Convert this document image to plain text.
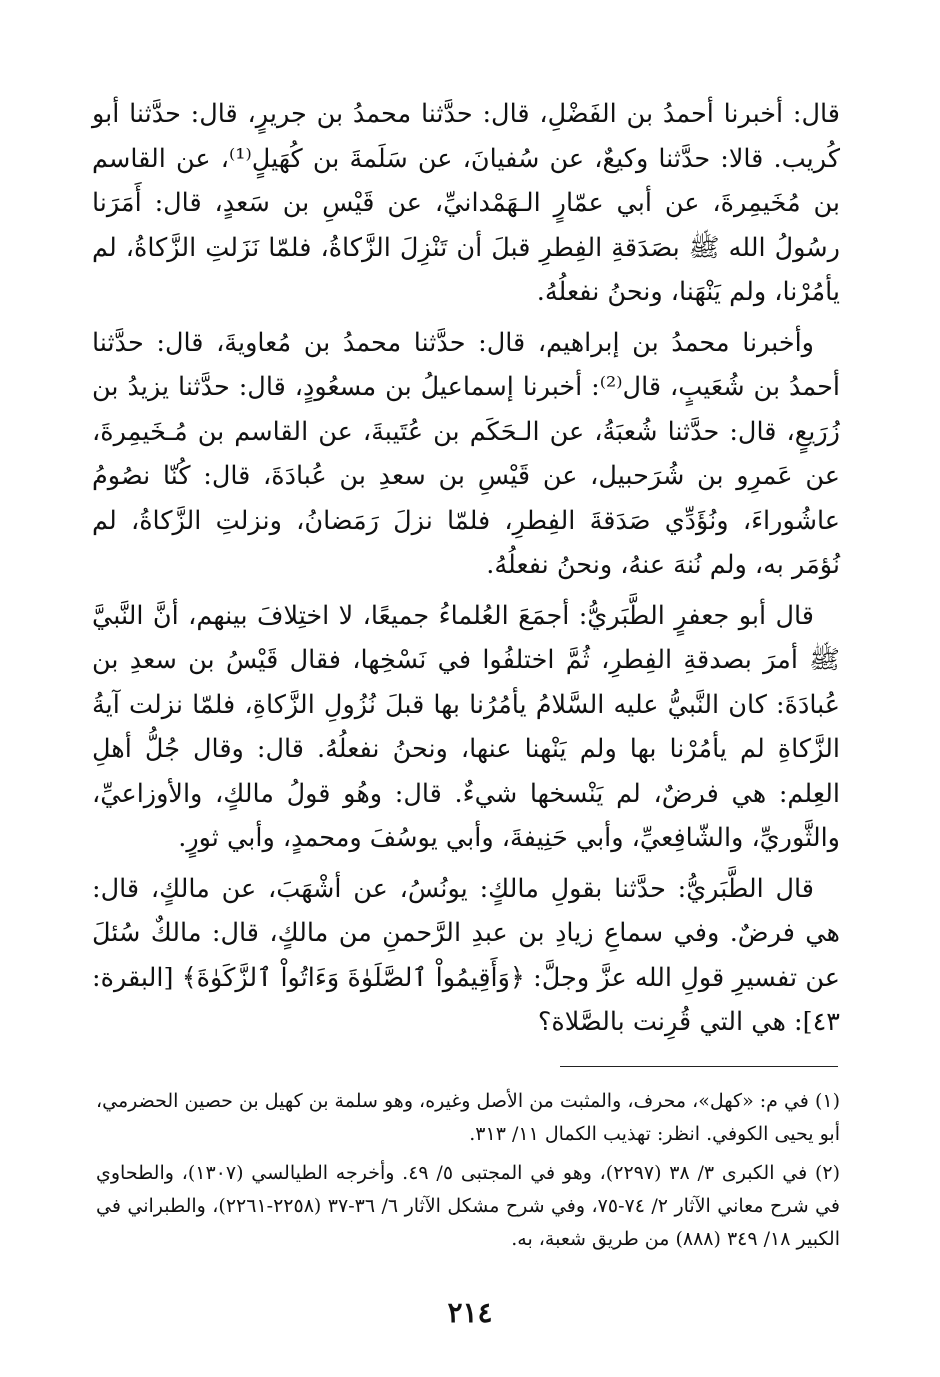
قال: أخبرنا أحمدُ بن الفَضْلِ، قال: حدَّثنا محمدُ بن جريرٍ، قال: حدَّثنا أبو كُريب. قالا: حدَّثنا وكيعٌ، عن سُفيانَ، عن سَلَمةَ بن كُهَيلٍ⁽¹⁾، عن القاسم بن مُخَيمِرةَ، عن أبي عمّارٍ الـهَمْدانيِّ، عن قَيْسِ بن سَعدٍ، قال: أَمَرَنا رسُولُ الله ﷺ بصَدَقةِ الفِطرِ قبلَ أن تَنْزِلَ الزَّكاةُ، فلمّا نَزَلتِ الزَّكاةُ، لم يأمُرْنا، ولم يَنْهَنا، ونحنُ نفعلُهُ.

وأخبرنا محمدُ بن إبراهيم، قال: حدَّثنا محمدُ بن مُعاويةَ، قال: حدَّثنا أحمدُ بن شُعَيبٍ، قال⁽²⁾: أخبرنا إسماعيلُ بن مسعُودٍ، قال: حدَّثنا يزيدُ بن زُرَيعٍ، قال: حدَّثنا شُعبَةُ، عن الـحَكَم بن عُتَيبةَ، عن القاسم بن مُـخَيمِرةَ، عن عَمرِو بن شُرَحبيل، عن قَيْسِ بن سعدِ بن عُبادَةَ، قال: كُنّا نصُومُ عاشُوراءَ، ونُؤَدِّي صَدَقةَ الفِطرِ، فلمّا نزلَ رَمَضانُ، ونزلتِ الزَّكاةُ، لم نُؤمَر به، ولم نُنهَ عنهُ، ونحنُ نفعلُهُ.

قال أبو جعفرٍ الطَّبَريُّ: أجمَعَ العُلماءُ جميعًا، لا اختِلافَ بينهم، أنَّ النَّبيَّ ﷺ أمرَ بصدقةِ الفِطرِ، ثُمَّ اختلفُوا في نَسْخِها، فقال قَيْسُ بن سعدِ بن عُبادَةَ: كان النَّبيُّ عليه السَّلامُ يأمُرُنا بها قبلَ نُزُولِ الزَّكاةِ، فلمّا نزلت آيةُ الزَّكاةِ لم يأمُرْنا بها ولم يَنْهنا عنها، ونحنُ نفعلُهُ. قال: وقال جُلُّ أهلِ العِلم: هي فرضٌ، لم يَنْسخها شيءٌ. قال: وهُو قولُ مالكٍ، والأوزاعيِّ، والثَّوريِّ، والشّافِعيِّ، وأبي حَنِيفةَ، وأبي يوسُفَ ومحمدٍ، وأبي ثورٍ.

قال الطَّبَريُّ: حدَّثنا بقولِ مالكٍ: يونُسُ، عن أشْهَبَ، عن مالكٍ، قال: هي فرضٌ. وفي سماعِ زيادِ بن عبدِ الرَّحمنِ من مالكٍ، قال: مالكٌ سُئلَ عن تفسيرِ قولِ الله عزَّ وجلَّ: ﴿وَأَقِيمُواْ ٱلصَّلَوٰةَ وَءَاتُواْ ٱلزَّكَوٰةَ﴾ [البقرة: ٤٣]: هي التي قُرِنت بالصَّلاة؟

(١) في م: «كهل»، محرف، والمثبت من الأصل وغيره، وهو سلمة بن كهيل بن حصين الحضرمي، أبو يحيى الكوفي. انظر: تهذيب الكمال ١١/ ٣١٣.

(٢) في الكبرى ٣/ ٣٨ (٢٢٩٧)، وهو في المجتبى ٥/ ٤٩. وأخرجه الطيالسي (١٣٠٧)، والطحاوي في شرح معاني الآثار ٢/ ٧٤-٧٥، وفي شرح مشكل الآثار ٦/ ٣٦-٣٧ (٢٢٥٨-٢٢٦١)، والطبراني في الكبير ١٨/ ٣٤٩ (٨٨٨) من طريق شعبة، به.

٢١٤
